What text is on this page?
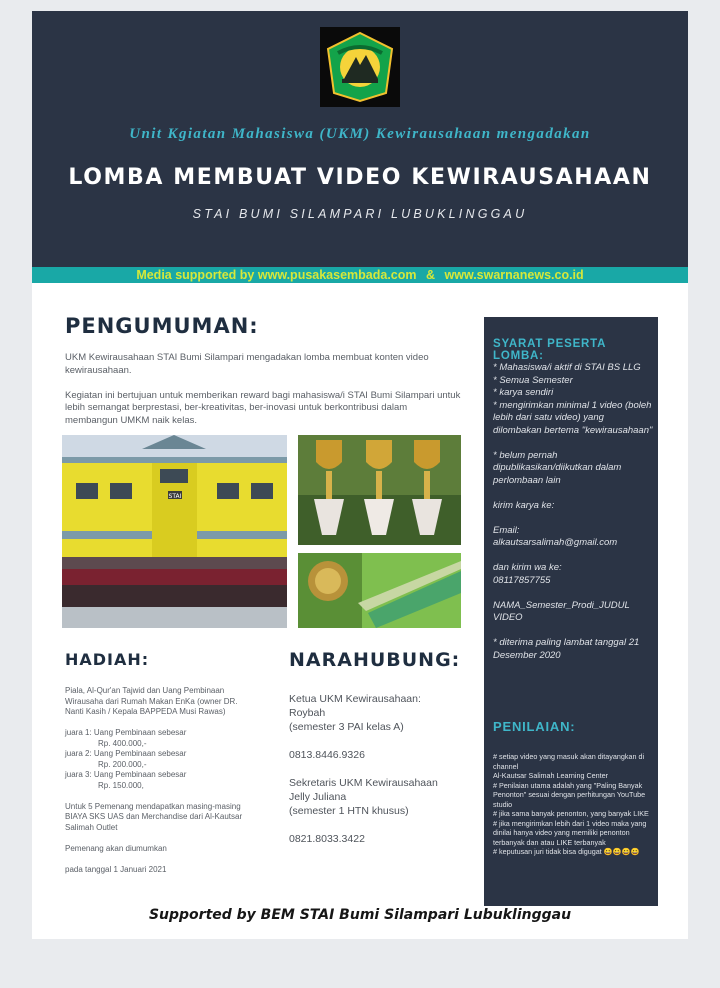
Unit Kgiatan Mahasiswa (UKM) Kewirausahaan mengadakan
LOMBA MEMBUAT VIDEO KEWIRAUSAHAAN
STAI BUMI SILAMPARI LUBUKLINGGAU
Media supported by www.pusakasembada.com & www.swarnanews.co.id
PENGUMUMAN:

UKM Kewirausahaan STAI Bumi Silampari mengadakan lomba membuat konten video kewirausahaan.

Kegiatan ini bertujuan untuk memberikan reward bagi mahasiswa/i STAI Bumi Silampari untuk lebih semangat berprestasi, ber-kreativitas, ber-inovasi untuk berkontribusi dalam membangun UMKM naik kelas.

STAI
HADIAH:
Piala, Al-Qur'an Tajwid dan Uang Pembinaan
Wirausaha dari Rumah Makan EnKa (owner DR.
Nanti Kasih / Kepala BAPPEDA Musi Rawas)
juara 1: Uang Pembinaan sebesar
Rp. 400.000,-
juara 2: Uang Pembinaan sebesar
Rp. 200.000,-
juara 3: Uang Pembinaan sebesar
Rp. 150.000,
Untuk 5 Pemenang mendapatkan masing-masing
BIAYA SKS UAS dan Merchandise dari Al-Kautsar
Salimah Outlet
Pemenang akan diumumkan
pada tanggal 1 Januari 2021
NARAHUBUNG:
Ketua UKM Kewirausahaan:
Roybah
(semester 3 PAI kelas A)
0813.8446.9326
Sekretaris UKM Kewirausahaan
Jelly Juliana
(semester 1 HTN khusus)
0821.8033.3422
SYARAT PESERTA LOMBA:
* Mahasiswa/i aktif di STAI BS LLG
* Semua Semester
* karya sendiri
* mengirimkan minimal 1 video (boleh lebih dari satu video) yang dilombakan bertema "kewirausahaan"
* belum pernah dipublikasikan/diikutkan dalam perlombaan lain
kirim karya ke:
Email:
alkautsarsalimah@gmail.com
dan kirim wa ke:
08117857755
NAMA_Semester_Prodi_JUDUL VIDEO
* diterima paling lambat tanggal 21 Desember 2020
PENILAIAN:
# setiap video yang masuk akan ditayangkan di channel
Al-Kautsar Salimah Learning Center
# Penilaian utama adalah yang "Paling Banyak Penonton" sesuai dengan perhitungan YouTube studio
# jika sama banyak penonton, yang banyak LIKE
# jika mengirimkan lebih dari 1 video maka yang dinilai hanya video yang memiliki penonton terbanyak dan atau LIKE terbanyak
# keputusan juri tidak bisa digugat 😀😀😀😀
Supported by BEM STAI Bumi Silampari Lubuklinggau
